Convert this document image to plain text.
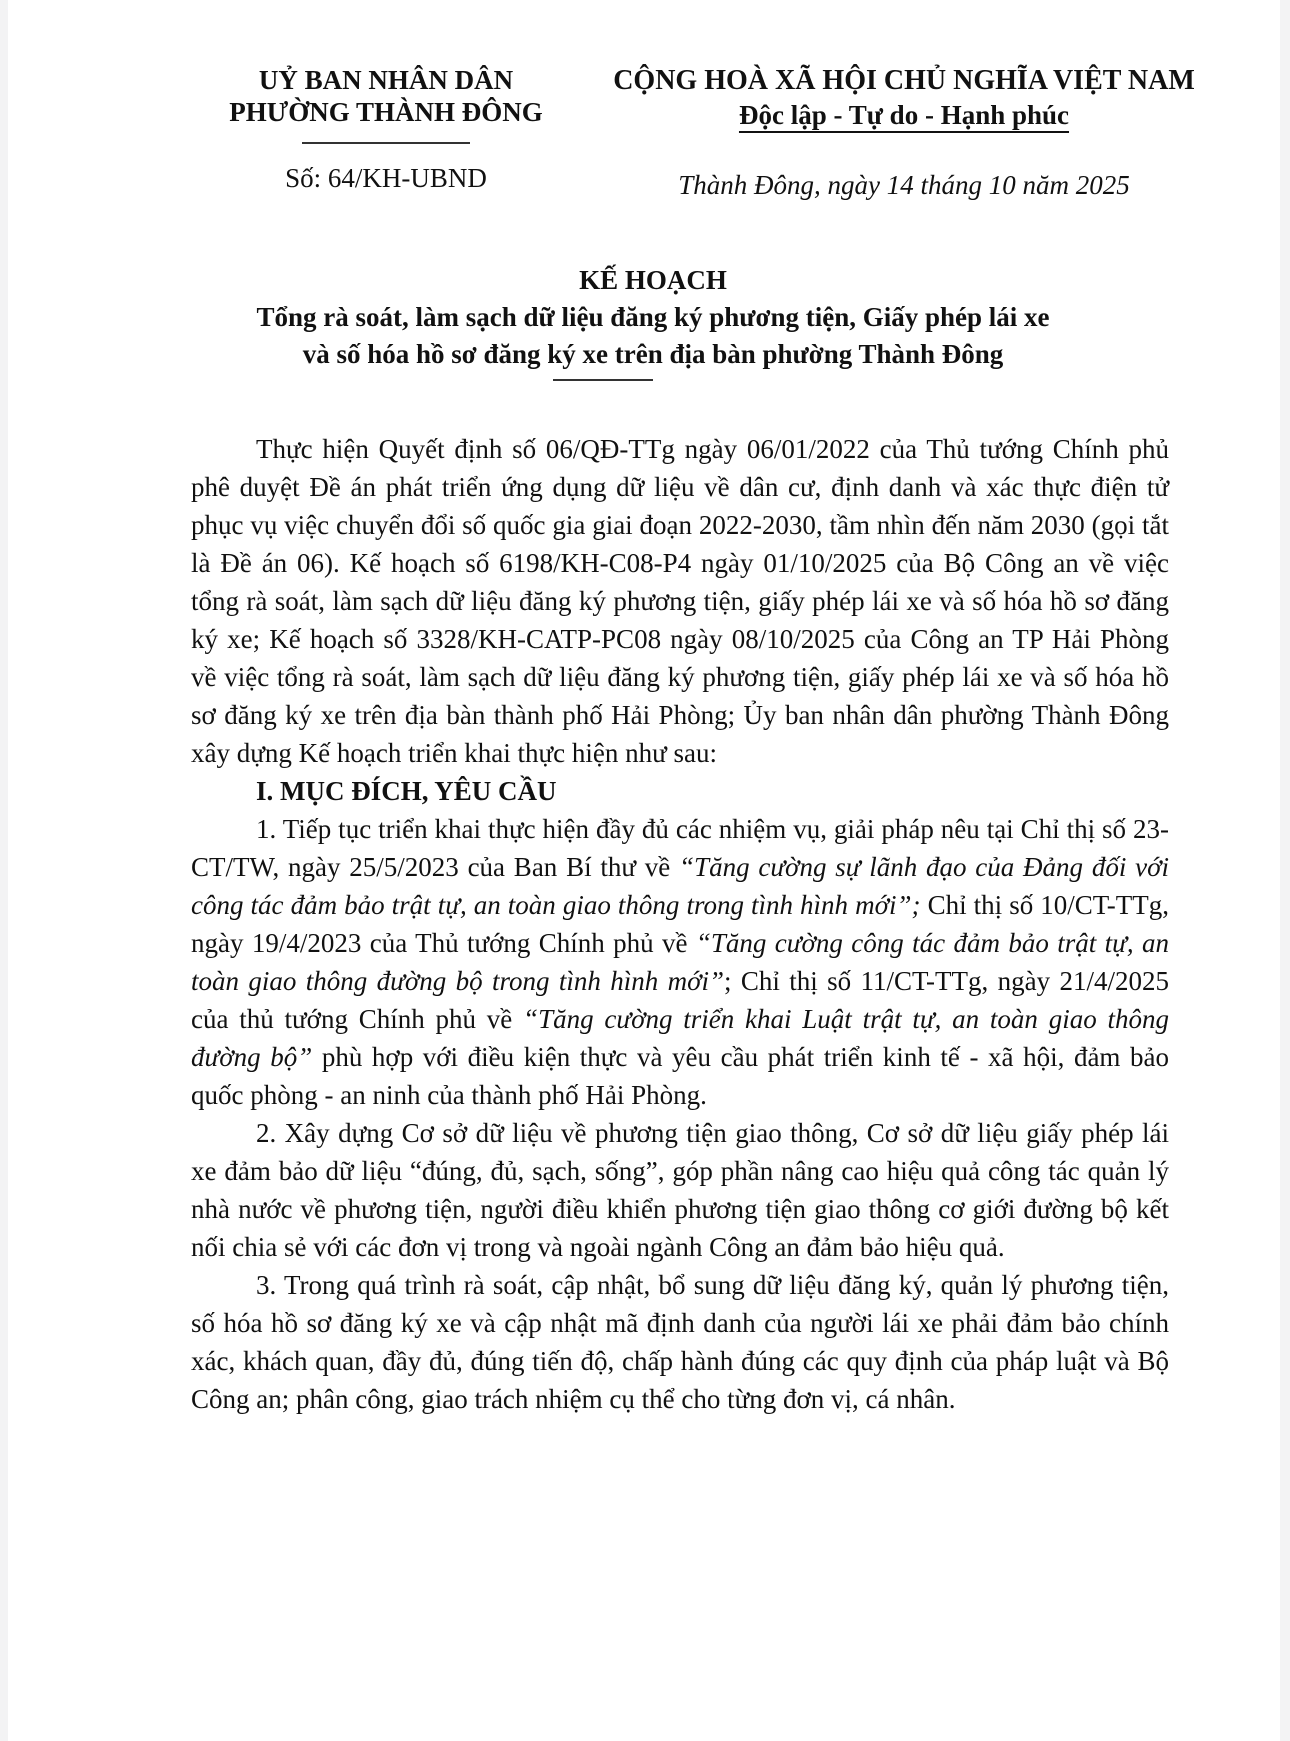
UỶ BAN NHÂN DÂN
PHƯỜNG THÀNH ĐÔNG
Số: 64/KH-UBND
CỘNG HOÀ XÃ HỘI CHỦ NGHĨA VIỆT NAM
Độc lập - Tự do - Hạnh phúc
Thành Đông, ngày 14 tháng 10 năm 2025
KẾ HOẠCH
Tổng rà soát, làm sạch dữ liệu đăng ký phương tiện, Giấy phép lái xe
và số hóa hồ sơ đăng ký xe trên địa bàn phường Thành Đông

Thực hiện Quyết định số 06/QĐ-TTg ngày 06/01/2022 của Thủ tướng Chính phủ phê duyệt Đề án phát triển ứng dụng dữ liệu về dân cư, định danh và xác thực điện tử phục vụ việc chuyển đổi số quốc gia giai đoạn 2022-2030, tầm nhìn đến năm 2030 (gọi tắt là Đề án 06). Kế hoạch số 6198/KH-C08-P4 ngày 01/10/2025 của Bộ Công an về việc tổng rà soát, làm sạch dữ liệu đăng ký phương tiện, giấy phép lái xe và số hóa hồ sơ đăng ký xe; Kế hoạch số 3328/KH-CATP-PC08 ngày 08/10/2025 của Công an TP Hải Phòng về việc tổng rà soát, làm sạch dữ liệu đăng ký phương tiện, giấy phép lái xe và số hóa hồ sơ đăng ký xe trên địa bàn thành phố Hải Phòng; Ủy ban nhân dân phường Thành Đông xây dựng Kế hoạch triển khai thực hiện như sau:

I. MỤC ĐÍCH, YÊU CẦU

1. Tiếp tục triển khai thực hiện đầy đủ các nhiệm vụ, giải pháp nêu tại Chỉ thị số 23-CT/TW, ngày 25/5/2023 của Ban Bí thư về “Tăng cường sự lãnh đạo của Đảng đối với công tác đảm bảo trật tự, an toàn giao thông trong tình hình mới”; Chỉ thị số 10/CT-TTg, ngày 19/4/2023 của Thủ tướng Chính phủ về “Tăng cường công tác đảm bảo trật tự, an toàn giao thông đường bộ trong tình hình mới”; Chỉ thị số 11/CT-TTg, ngày 21/4/2025 của thủ tướng Chính phủ về “Tăng cường triển khai Luật trật tự, an toàn giao thông đường bộ” phù hợp với điều kiện thực và yêu cầu phát triển kinh tế - xã hội, đảm bảo quốc phòng - an ninh của thành phố Hải Phòng.

2. Xây dựng Cơ sở dữ liệu về phương tiện giao thông, Cơ sở dữ liệu giấy phép lái xe đảm bảo dữ liệu “đúng, đủ, sạch, sống”, góp phần nâng cao hiệu quả công tác quản lý nhà nước về phương tiện, người điều khiển phương tiện giao thông cơ giới đường bộ kết nối chia sẻ với các đơn vị trong và ngoài ngành Công an đảm bảo hiệu quả.

3. Trong quá trình rà soát, cập nhật, bổ sung dữ liệu đăng ký, quản lý phương tiện, số hóa hồ sơ đăng ký xe và cập nhật mã định danh của người lái xe phải đảm bảo chính xác, khách quan, đầy đủ, đúng tiến độ, chấp hành đúng các quy định của pháp luật và Bộ Công an; phân công, giao trách nhiệm cụ thể cho từng đơn vị, cá nhân.
